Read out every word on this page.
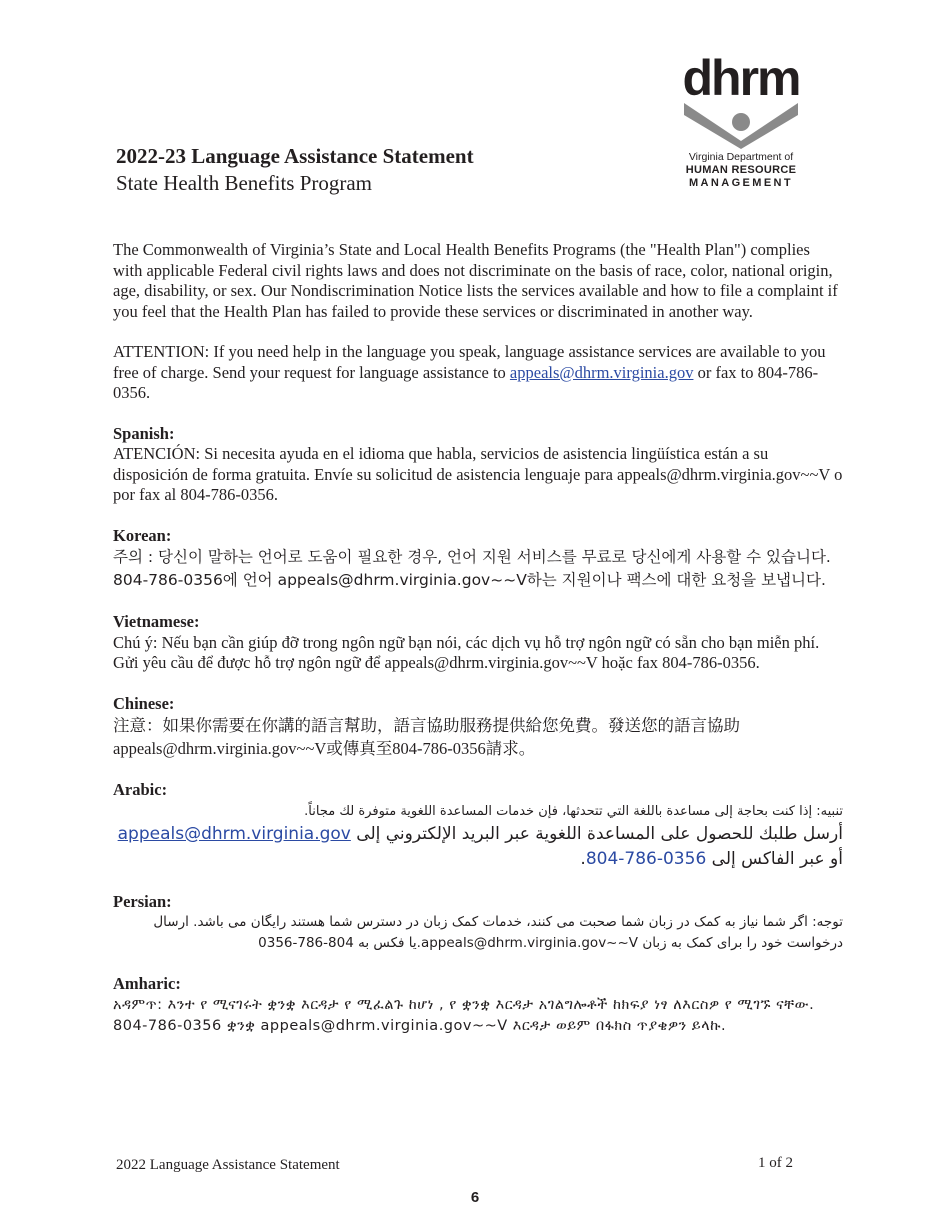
dhrm
Virginia Department of
HUMAN RESOURCE
MANAGEMENT
2022-23 Language Assistance Statement
State Health Benefits Program

The Commonwealth of Virginia’s State and Local Health Benefits Programs (the "Health Plan") complies with applicable Federal civil rights laws and does not discriminate on the basis of race, color, national origin, age, disability, or sex. Our Nondiscrimination Notice lists the services available and how to file a complaint if you feel that the Health Plan has failed to provide these services or discriminated in another way.

ATTENTION: If you need help in the language you speak, language assistance services are available to you free of charge. Send your request for language assistance to appeals@dhrm.virginia.gov or fax to 804-786-0356.

Spanish:

ATENCIÓN: Si necesita ayuda en el idioma que habla, servicios de asistencia lingüística están a su disposición de forma gratuita. Envíe su solicitud de asistencia lenguaje para appeals@dhrm.virginia.gov~~V o por fax al 804-786-0356.

Korean:

주의 : 당신이 말하는 언어로 도움이 필요한 경우, 언어 지원 서비스를 무료로 당신에게 사용할 수 있습니다. 804-786-0356에 언어 appeals@dhrm.virginia.gov~~V하는 지원이나 팩스에 대한 요청을 보냅니다.

Vietnamese:

Chú ý: Nếu bạn cần giúp đỡ trong ngôn ngữ bạn nói, các dịch vụ hỗ trợ ngôn ngữ có sẵn cho bạn miễn phí. Gửi yêu cầu để được hỗ trợ ngôn ngữ để appeals@dhrm.virginia.gov~~V hoặc fax 804-786-0356.

Chinese:

注意：如果你需要在你講的語言幫助，語言協助服務提供給您免費。發送您的語言協助 appeals@dhrm.virginia.gov~~V或傳真至804-786-0356請求。

Arabic:

تنبيه: إذا كنت بحاجة إلى مساعدة باللغة التي تتحدثها، فإن خدمات المساعدة اللغوية متوفرة لك مجاناً.

أرسل طلبك للحصول على المساعدة اللغوية عبر البريد الإلكتروني إلى appeals@dhrm.virginia.gov

أو عبر الفاكس إلى 804-786-0356.

Persian:

توجه: اگر شما نیاز به کمک در زبان شما صحبت می کنند، خدمات کمک زبان در دسترس شما هستند رایگان می باشد. ارسال درخواست خود را برای کمک به زبان appeals@dhrm.virginia.gov~~V.یا فکس به 804-786-0356

Amharic:

አዳምጥ: እንተ የ ሚናገሩት ቋንቋ እርዳታ የ ሚፈልጉ ከሆነ , የ ቋንቋ እርዳታ አገልግሎቶች ከክፍያ ነፃ ለእርስዎ የ ሚገኙ ናቸው. 804-786-0356 ቋንቋ appeals@dhrm.virginia.gov~~V እርዳታ ወይም በፋክስ ጥያቄዎን ይላኩ.

2022 Language Assistance Statement	1 of 2
6
